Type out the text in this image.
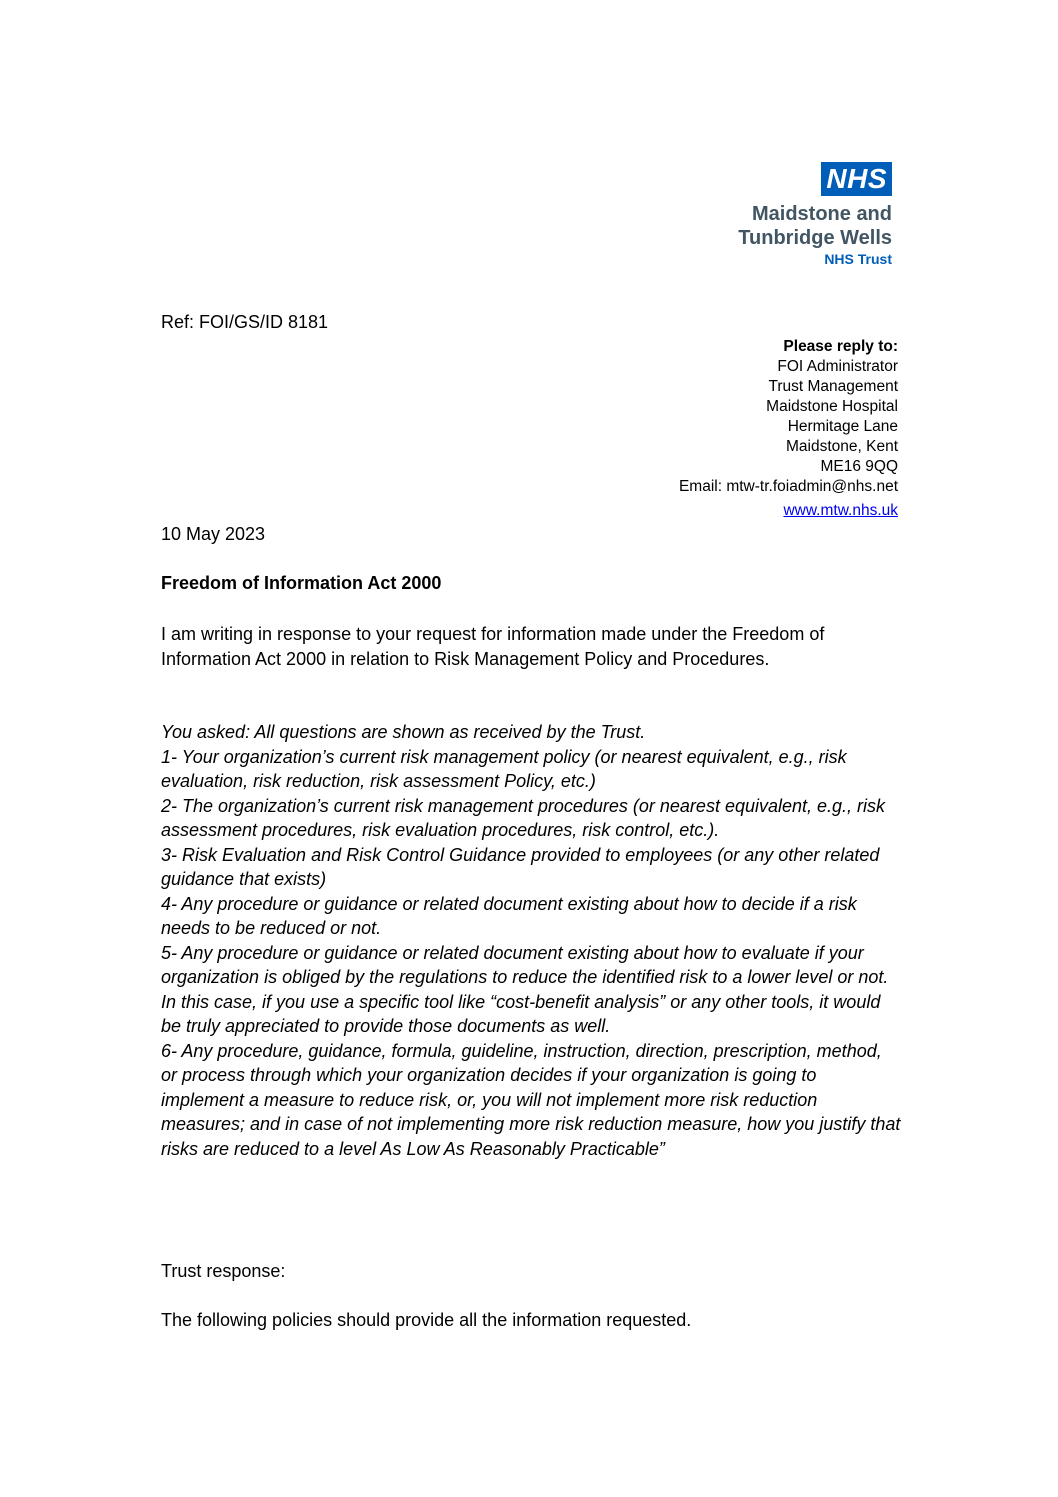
NHS
Maidstone and
Tunbridge Wells
NHS Trust
Ref: FOI/GS/ID 8181
Please reply to:
FOI Administrator
Trust Management
Maidstone Hospital
Hermitage Lane
Maidstone, Kent
ME16 9QQ
Email: mtw-tr.foiadmin@nhs.net
www.mtw.nhs.uk
10 May 2023
Freedom of Information Act 2000

I am writing in response to your request for information made under the Freedom of Information Act 2000 in relation to Risk Management Policy and Procedures.

You asked: All questions are shown as received by the Trust.

1- Your organization’s current risk management policy (or nearest equivalent, e.g., risk evaluation, risk reduction, risk assessment Policy, etc.)

2- The organization’s current risk management procedures (or nearest equivalent, e.g., risk assessment procedures, risk evaluation procedures, risk control, etc.).

3- Risk Evaluation and Risk Control Guidance provided to employees (or any other related guidance that exists)

4- Any procedure or guidance or related document existing about how to decide if a risk needs to be reduced or not.

5- Any procedure or guidance or related document existing about how to evaluate if your organization is obliged by the regulations to reduce the identified risk to a lower level or not. In this case, if you use a specific tool like “cost-benefit analysis” or any other tools, it would be truly appreciated to provide those documents as well.

6- Any procedure, guidance, formula, guideline, instruction, direction, prescription, method, or process through which your organization decides if your organization is going to implement a measure to reduce risk, or, you will not implement more risk reduction measures; and in case of not implementing more risk reduction measure, how you justify that risks are reduced to a level As Low As Reasonably Practicable”

Trust response:

The following policies should provide all the information requested.
